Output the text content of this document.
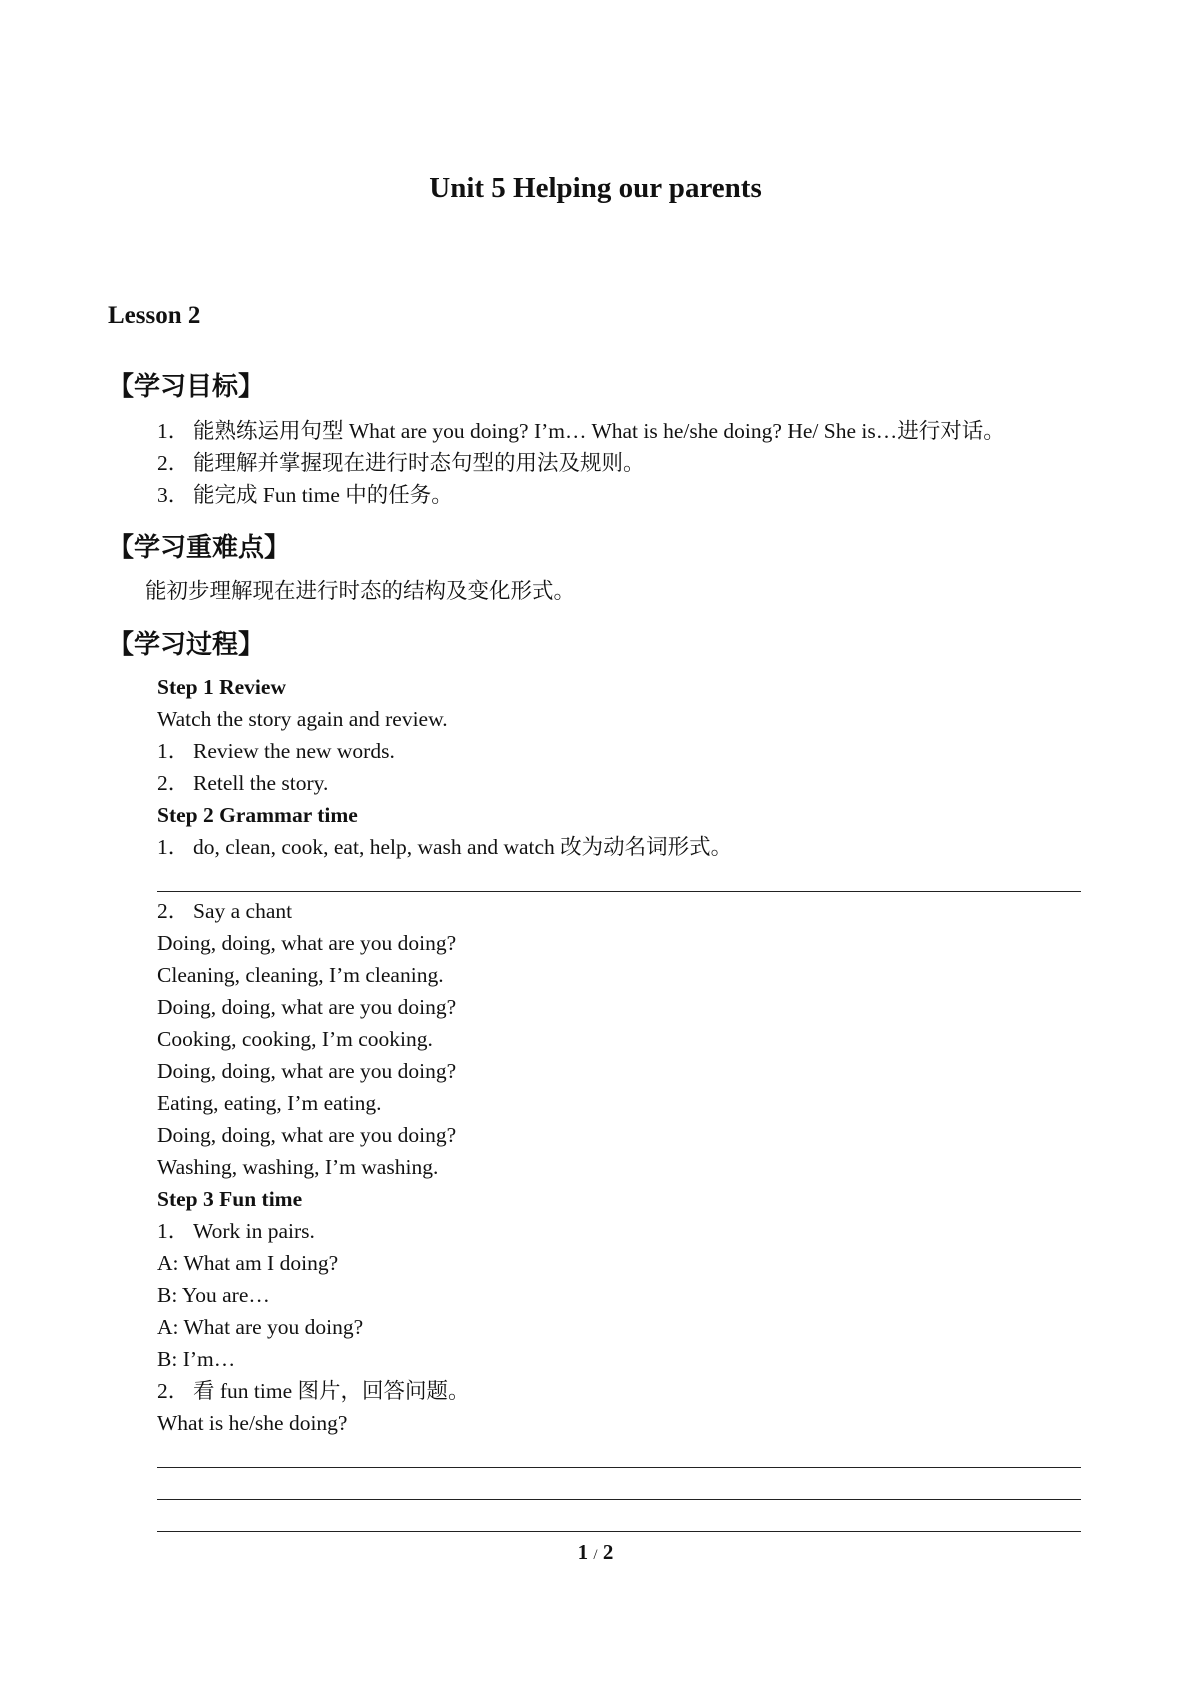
Unit 5 Helping our parents
Lesson 2
【学习目标】
1． 能熟练运用句型 What are you doing? I’m… What is he/she doing? He/ She is…进行对话。
2． 能理解并掌握现在进行时态句型的用法及规则。
3． 能完成 Fun time 中的任务。
【学习重难点】
能初步理解现在进行时态的结构及变化形式。
【学习过程】
Step 1 Review
Watch the story again and review.
1． Review the new words.
2． Retell the story.
Step 2 Grammar time
1． do, clean, cook, eat, help, wash and watch 改为动名词形式。
2． Say a chant
Doing, doing, what are you doing?
Cleaning, cleaning, I’m cleaning.
Doing, doing, what are you doing?
Cooking, cooking, I’m cooking.
Doing, doing, what are you doing?
Eating, eating, I’m eating.
Doing, doing, what are you doing?
Washing, washing, I’m washing.
Step 3 Fun time
1． Work in pairs.
A: What am I doing?
B: You are…
A: What are you doing?
B: I’m…
2． 看 fun time 图片，回答问题。
What is he/she doing?
1 / 2
